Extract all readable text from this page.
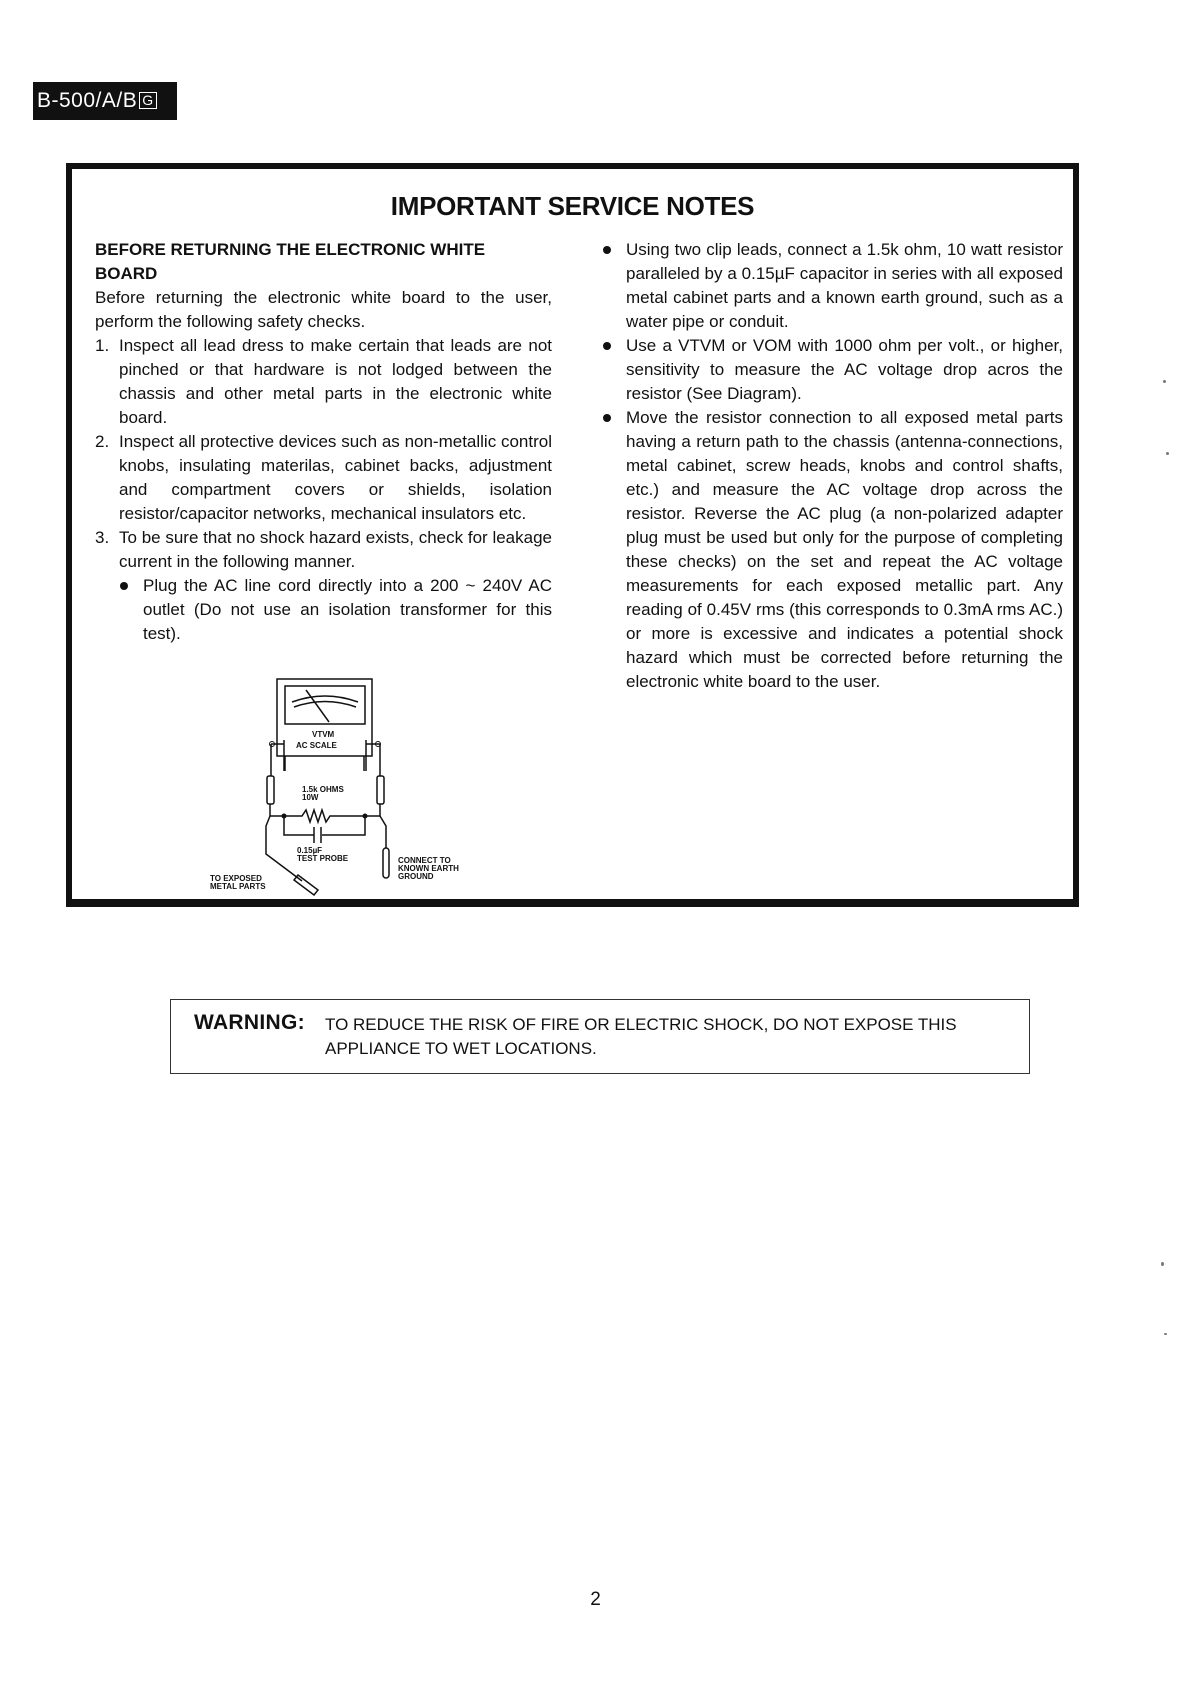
B-500/A/B G
IMPORTANT SERVICE NOTES
BEFORE RETURNING THE ELECTRONIC WHITE BOARD
Before returning the electronic white board to the user, perform the following safety checks.
1. Inspect all lead dress to make certain that leads are not pinched or that hardware is not lodged between the chassis and other metal parts in the electronic white board.
2. Inspect all protective devices such as non-metallic control knobs, insulating materilas, cabinet backs, adjustment and compartment covers or shields, isolation resistor/capacitor networks, mechanical insulators etc.
3. To be sure that no shock hazard exists, check for leakage current in the following manner.
Plug the AC line cord directly into a 200 ~ 240V AC outlet (Do not use an isolation transformer for this test).
VTVM
AC SCALE
1.5k OHMS
10W
0.15µF
TEST PROBE
TO EXPOSED
METAL PARTS
CONNECT TO
KNOWN EARTH
GROUND
Using two clip leads, connect a 1.5k ohm, 10 watt resistor paralleled by a 0.15µF capacitor in series with all exposed metal cabinet parts and a known earth ground, such as a water pipe or conduit.
Use a VTVM or VOM with 1000 ohm per volt., or higher, sensitivity to measure the AC voltage drop acros the resistor (See Diagram).
Move the resistor connection to all exposed metal parts having a return path to the chassis (antenna-connections, metal cabinet, screw heads, knobs and control shafts, etc.) and measure the AC voltage drop across the resistor. Reverse the AC plug (a non-polarized adapter plug must be used but only for the purpose of completing these checks) on the set and repeat the AC voltage measurements for each exposed metallic part. Any reading of 0.45V rms (this corresponds to 0.3mA rms AC.) or more is excessive and indicates a potential shock hazard which must be corrected before returning the electronic white board to the user.
WARNING: TO REDUCE THE RISK OF FIRE OR ELECTRIC SHOCK, DO NOT EXPOSE THIS APPLIANCE TO WET LOCATIONS.
2
